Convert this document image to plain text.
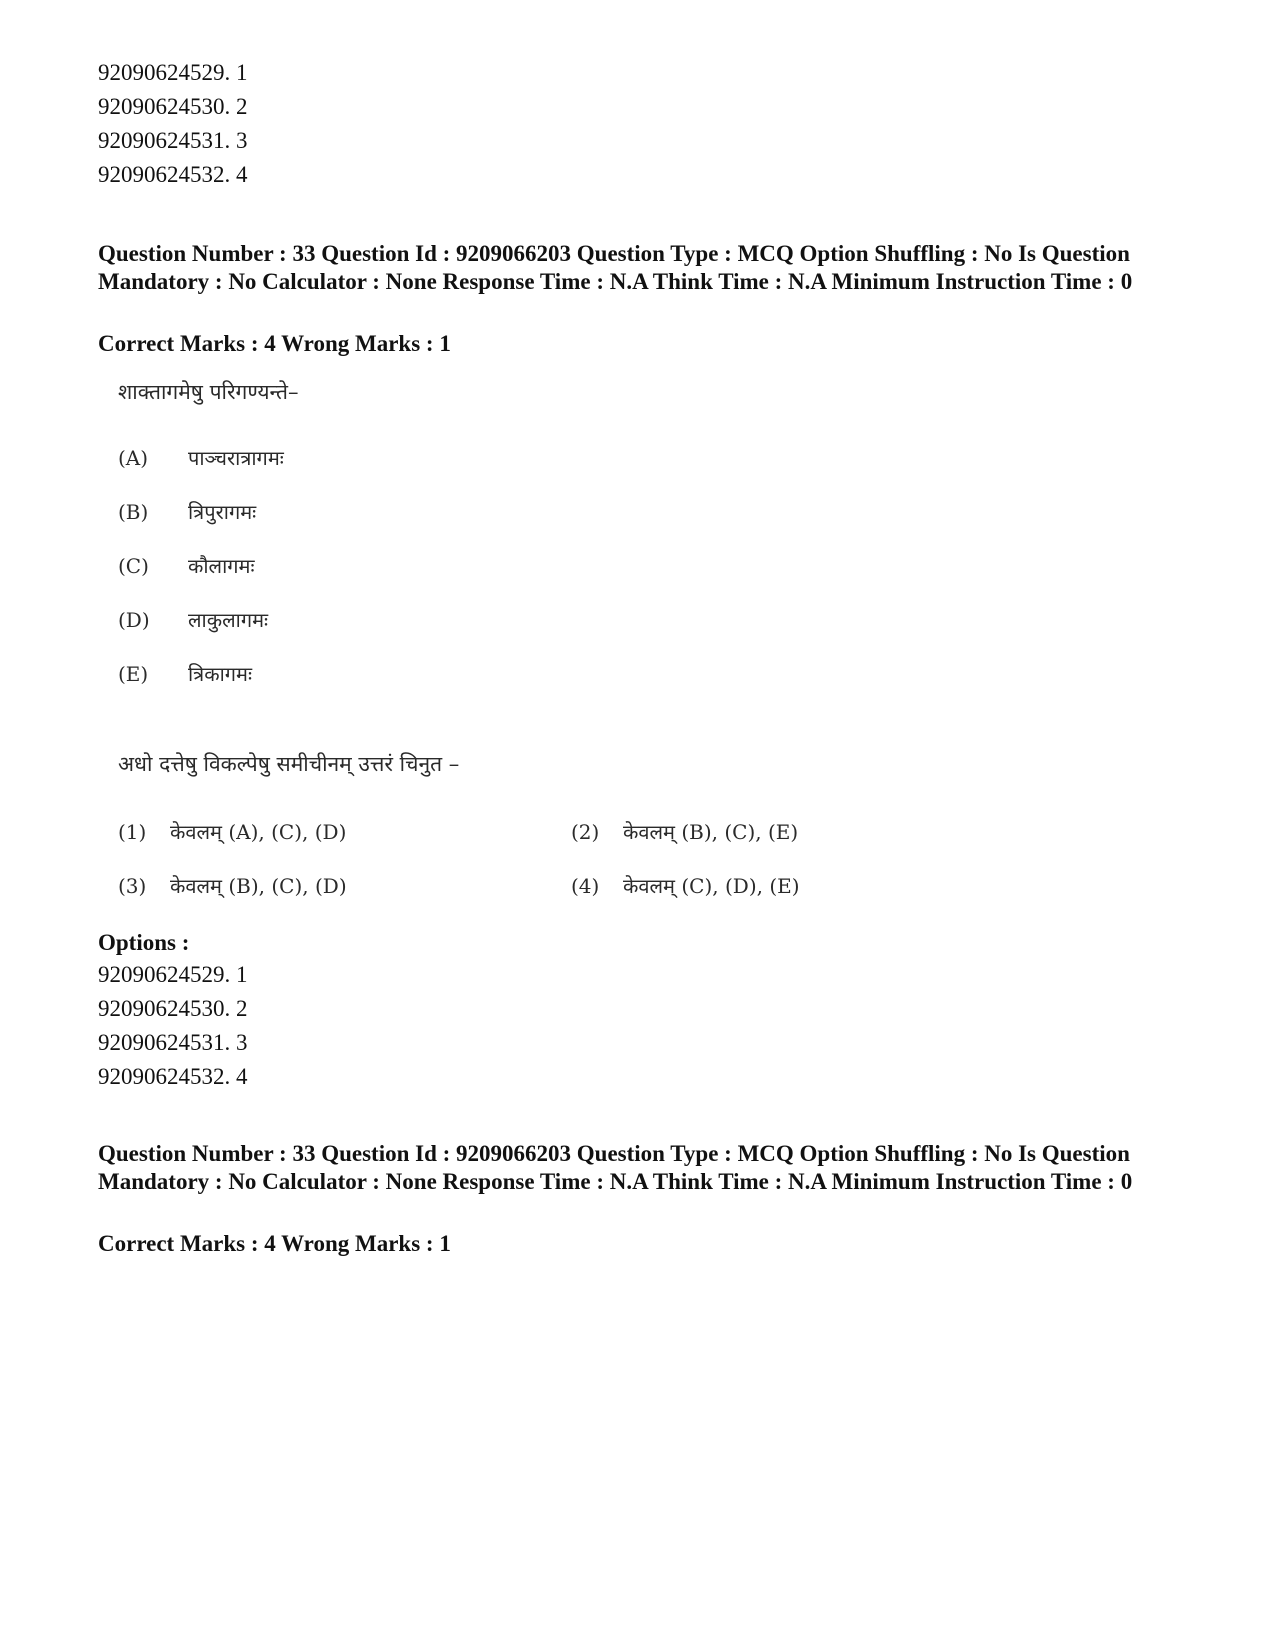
92090624529. 1
92090624530. 2
92090624531. 3
92090624532. 4
Question Number : 33 Question Id : 9209066203 Question Type : MCQ Option Shuffling : No Is Question Mandatory : No Calculator : None Response Time : N.A Think Time : N.A Minimum Instruction Time : 0
Correct Marks : 4 Wrong Marks : 1
शाक्तागमेषु परिगण्यन्ते–
(A) पाञ्चरात्रागमः
(B) त्रिपुरागमः
(C) कौलागमः
(D) लाकुलागमः
(E) त्रिकागमः
अधो दत्तेषु विकल्पेषु समीचीनम् उत्तरं चिनुत –
(1) केवलम् (A), (C), (D)	(2) केवलम् (B), (C), (E)
(3) केवलम् (B), (C), (D)	(4) केवलम् (C), (D), (E)
Options :
92090624529. 1
92090624530. 2
92090624531. 3
92090624532. 4
Question Number : 33 Question Id : 9209066203 Question Type : MCQ Option Shuffling : No Is Question Mandatory : No Calculator : None Response Time : N.A Think Time : N.A Minimum Instruction Time : 0
Correct Marks : 4 Wrong Marks : 1
